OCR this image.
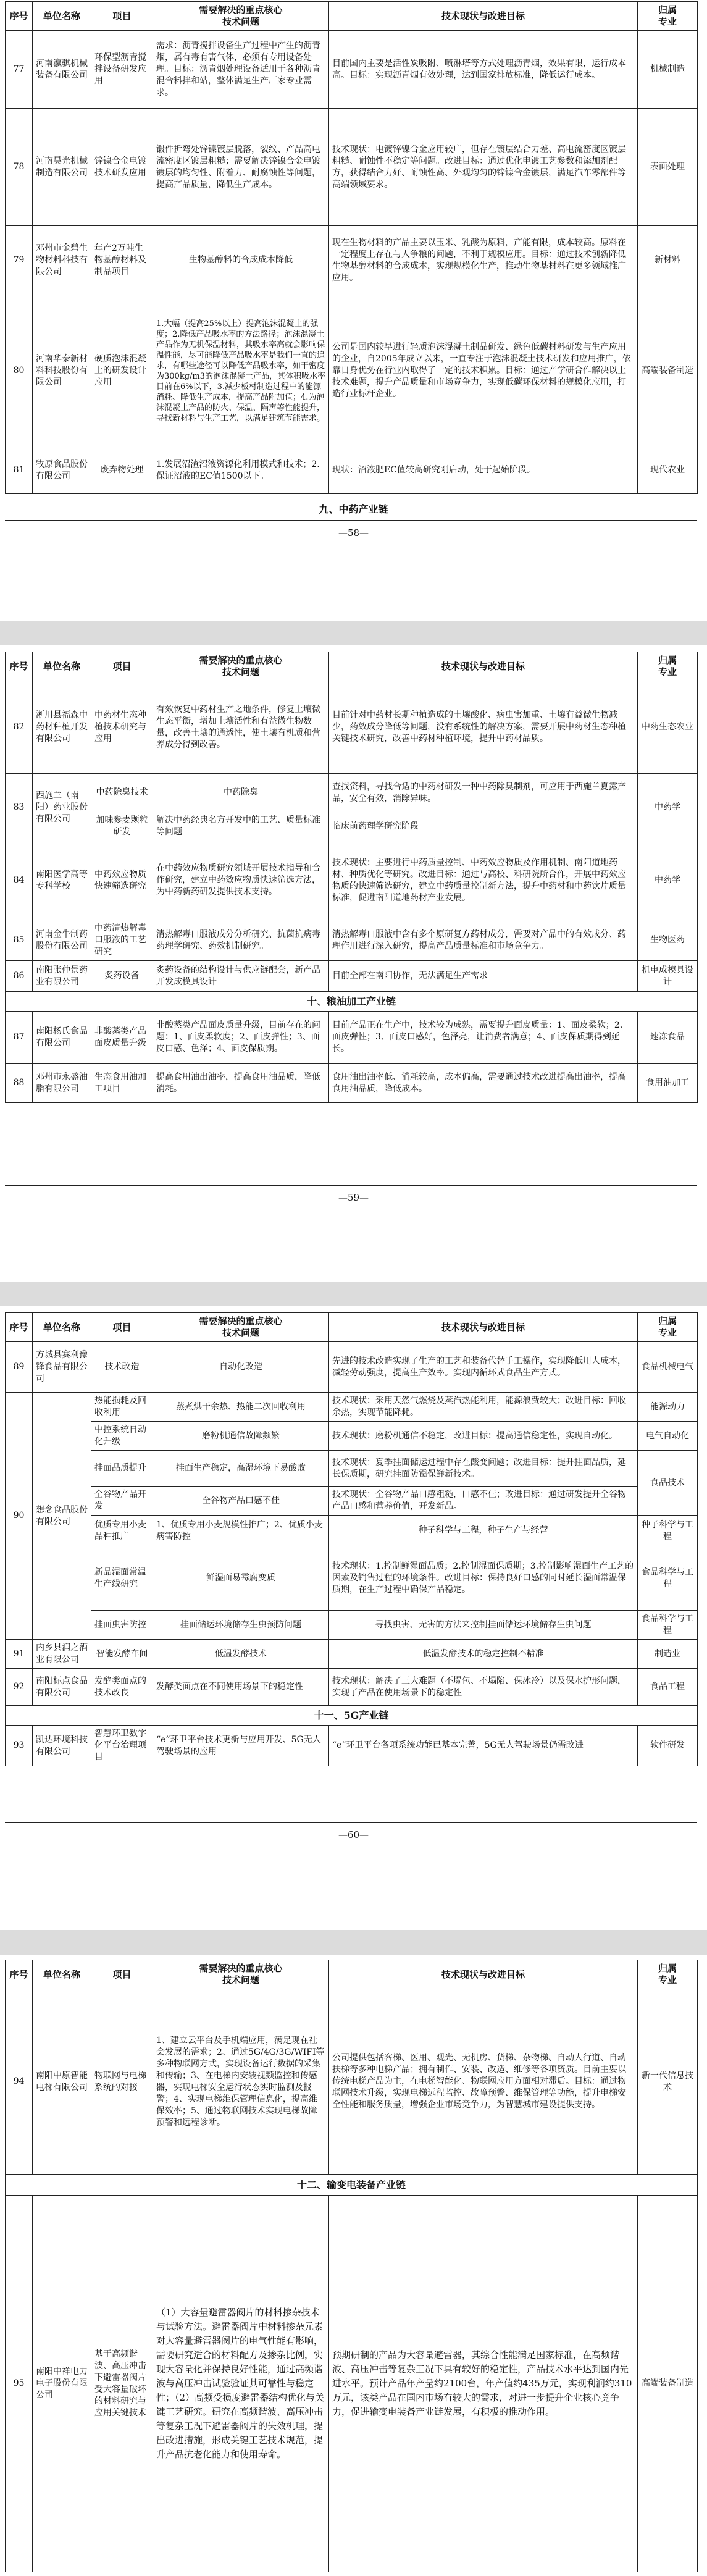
序号	单位名称	项目	需要解决的重点核心
技术问题	技术现状与改进目标	归属
专业
77	河南瀛骐机械装备有限公司	环保型沥青搅拌设备研发应用	需求：沥青搅拌设备生产过程中产生的沥青烟，属有毒有害气体，必须有专用设备处理。目标：沥青烟处理设备适用于各种沥青混合料拌和站，整体满足生产厂家专业需求。	目前国内主要是活性炭吸附、喷淋塔等方式处理沥青烟，效果有限，运行成本高。目标：实现沥青烟有效处理，达到国家排放标准，降低运行成本。	机械制造
78	河南昊光机械制造有限公司	锌镍合金电镀技术研发应用	锻件折弯处锌镍镀层脱落，裂纹、产品高电流密度区镀层粗糙；需要解决锌镍合金电镀镀层的均匀性、附着力、耐腐蚀性等问题，提高产品质量，降低生产成本。	技术现状：电镀锌镍合金应用较广，但存在镀层结合力差、高电流密度区镀层粗糙、耐蚀性不稳定等问题。改进目标：通过优化电镀工艺参数和添加剂配方，获得结合力好、耐蚀性高、外观均匀的锌镍合金镀层，满足汽车零部件等高端领域要求。	表面处理
79	邓州市金碧生物材料科技有限公司	年产2万吨生物基醇材料及制品项目	生物基醇料的合成成本降低	现在生物材料的产品主要以玉米、乳酸为原料，产能有限，成本较高。原料在一定程度上存在与人争粮的问题，不利于规模应用。目标：通过技术创新降低生物基醇材料的合成成本，实现规模化生产，推动生物基材料在更多领域推广应用。	新材料
80	河南华泰新材料科技股份有限公司	硬质泡沫混凝土的研发设计应用	1.大幅（提高25%以上）提高泡沫混凝土的强度；2.降低产品吸水率的方法路径；泡沫混凝土产品作为无机保温材料，其吸水率高就会影响保温性能，尽可能降低产品吸水率是我们一直的追求，有哪些途径可以降低产品吸水率，如干密度为300kg/m3的泡沫混凝土产品，其体积吸水率目前在6%以下，3.减少板材制造过程中的能源消耗、降低生产成本，提高产品附加值；4.为泡沫混凝土产品的防火、保温、隔声等性能提升，寻找新材料与生产工艺，以满足建筑节能需求。	公司是国内较早进行轻质泡沫混凝土制品研发、绿色低碳材料研发与生产应用的企业，自2005年成立以来，一直专注于泡沫混凝土技术研发和应用推广，依靠自身优势在行业内取得了一定的技术积累。目标：通过产学研合作解决以上技术难题，提升产品质量和市场竞争力，实现低碳环保材料的规模化应用，打造行业标杆企业。	高端装备制造
81	牧原食品股份有限公司	废弃物处理	1.发展沼渣沼液资源化利用模式和技术；2.保证沼液的EC值1500以下。	现状：沼液肥EC值较高研究刚启动，处于起始阶段。	现代农业
九、中药产业链
—58—
序号	单位名称	项目	需要解决的重点核心
技术问题	技术现状与改进目标	归属
专业
82	淅川县福森中药材种植开发有限公司	中药材生态种植技术研究与应用	有效恢复中药材生产之地条件，修复土壤微生态平衡，增加土壤活性和有益微生物数量，改善土壤的通透性，使土壤有机质和营养成分得到改善。	目前针对中药材长期种植造成的土壤酸化、病虫害加重、土壤有益微生物减少，药效成分降低等问题，没有系统性的解决方案，需要开展中药材生态种植关键技术研究，改善中药材种植环境，提升中药材品质。	中药生态农业
83	西施兰（南阳）药业股份有限公司	中药除臭技术	中药除臭	查找资料，寻找合适的中药材研发一种中药除臭制剂，可应用于西施兰夏露产品，安全有效，消除异味。	中药学
		加味参麦颗粒研发	解决中药经典名方开发中的工艺、质量标准等问题	临床前药理学研究阶段	
84	南阳医学高等专科学校	中药效应物质快速筛选研究	在中药效应物质研究领域开展技术指导和合作研究，建立中药效应物质快速筛选方法，为中药新药研发提供技术支持。	技术现状：主要进行中药质量控制、中药效应物质及作用机制、南阳道地药材、种质优化等研究。改进目标：通过与高校、科研院所合作，开展中药效应物质的快速筛选研究，建立中药质量控制新方法，提升中药材和中药饮片质量标准，促进南阳道地药材产业发展。	中药学
85	河南金牛制药股份有限公司	中药清热解毒口服液的工艺研究	清热解毒口服液成分分析研究、抗菌抗病毒药理学研究、药效机制研究。	清热解毒口服液中含有多个原研复方药材成分，需要对产品中的有效成分、药理作用进行深入研究，提高产品质量标准和市场竞争力。	生物医药
86	南阳张仲景药业有限公司	炙药设备	炙药设备的结构设计与供应链配套，新产品开发成模具设计	目前全部在南阳协作，无法满足生产需求	机电成模具设计
十、粮油加工产业链					
87	南阳杨氏食品有限公司	非酸蒸类产品面皮质量升级	非酸蒸类产品面皮质量升级，目前存在的问题：1、面皮柔软度；2、面皮弹性；3、面皮口感、色泽；4、面皮保质期。	目前产品正在生产中，技术较为成熟，需要提升面皮质量：1、面皮柔软；2、面皮弹性；3、面皮口感好，色泽亮，让消费者满意；4、面皮保质期得到延长。	速冻食品
88	邓州市永盛油脂有限公司	生态食用油加工项目	提高食用油出油率，提高食用油品质，降低消耗。	食用油出油率低、消耗较高，成本偏高，需要通过技术改进提高出油率，提高食用油品质，降低成本。	食用油加工
—59—
序号	单位名称	项目	需要解决的重点核心
技术问题	技术现状与改进目标	归属
专业
89	方城县赛利豫锋食品有限公司	技术改造	自动化改造	先进的技术改造实现了生产的工艺和装备代替手工操作，实现降低用人成本，减轻劳动强度，提高生产效率。实现内循环式食品生产方式。	食品机械电气
90	想念食品股份有限公司	热能损耗及回收利用	蒸煮烘干余热、热能二次回收利用	技术现状：采用天然气燃烧及蒸汽热能利用，能源浪费较大；改进目标：回收余热，实现节能降耗。	能源动力
		中控系统自动化升级	磨粉机通信故障频繁	技术现状：磨粉机通信不稳定，改进目标：提高通信稳定性，实现自动化。	电气自动化
		挂面品质提升	挂面生产稳定，高湿环境下易酸败	技术现状：夏季挂面储运过程中存在酸变问题；改进目标：提升挂面品质，延长保质期，研究挂面防霉保鲜新技术。	食品技术
		全谷物产品开发	全谷物产品口感不佳	技术现状：全谷物产品口感粗糙，口感不佳；改进目标：通过研发提升全谷物产品口感和营养价值，开发新品。	
		优质专用小麦品种推广	1、优质专用小麦规模性推广；2、优质小麦病害防控	种子科学与工程，种子生产与经营	种子科学与工程
		新品湿面常温生产线研究	鲜湿面易霉腐变质	技术现状：1.控制鲜湿面品质；2.控制湿面保质期；3.控制影响湿面生产工艺的因素及销售过程的环境条件。改进目标：保持良好口感的同时延长湿面常温保质期，在生产过程中确保产品稳定。	食品科学与工程
		挂面虫害防控	挂面储运环境储存生虫预防问题	寻找虫害、无害的方法来控制挂面储运环境储存生虫问题	食品科学与工程
91	内乡县润之酒业有限公司	智能发酵车间	低温发酵技术	低温发酵技术的稳定控制不精准	制造业
92	南阳标点食品有限公司	发酵类面点的技术改良	发酵类面点在不同使用场景下的稳定性	技术现状：解决了三大难题（不塌包、不塌陷、保冰冷）以及保水护形问题，实现了产品在使用场景下的稳定性	食品工程
十一、5G产业链					
93	凯达环境科技有限公司	智慧环卫数字化平台治理项目	“e”环卫平台技术更新与应用开发、5G无人驾驶场景的应用	“e”环卫平台各项系统功能已基本完善，5G无人驾驶场景仍需改进	软件研发
—60—
序号	单位名称	项目	需要解决的重点核心
技术问题	技术现状与改进目标	归属
专业
94	南阳中原智能电梯有限公司	物联网与电梯系统的对接	1、建立云平台及手机端应用，满足现在社会发展的需求；2、通过5G/4G/3G/WIFI等多种物联网方式，实现设备运行数据的采集和传输；3、在电梯内安装视频监控和传感器，实现电梯安全运行状态实时监测及报警；4、实现电梯维保管理信息化，提高维保效率；5、通过物联网技术实现电梯故障预警和远程诊断。	公司提供包括客梯、医用、观光、无机房、货梯、杂物梯、自动人行道、自动扶梯等多种电梯产品；拥有制作、安装、改造、维修等各项资质。目前主要以传统电梯产品为主，在电梯智能化、物联网应用方面相对滞后。目标：通过物联网技术升级，实现电梯远程监控、故障预警、维保管理等功能，提升电梯安全性能和服务质量，增强企业市场竞争力，为智慧城市建设提供支持。	新一代信息技术
十二、输变电装备产业链					
95	南阳中祥电力电子股份有限公司	基于高频谐波、高压冲击下避雷器阀片受大容量破坏的材料研究与应用关键技术	（1）大容量避雷器阀片的材料掺杂技术与试验方法。避雷器阀片中材料掺杂元素对大容量避雷器阀片的电气性能有影响，需要研究适合的材料配方及掺杂比例，实现大容量化并保持良好性能，通过高频谐波与高压冲击试验验证其可靠性与稳定性；（2）高频受损度避雷器结构优化与关键工艺研究。研究在高频谐波、高压冲击等复杂工况下避雷器阀片的失效机理，提出改进措施，形成关键工艺技术规范，提升产品抗老化能力和使用寿命。	预期研制的产品为大容量避雷器，其综合性能满足国家标准，在高频谐波、高压冲击等复杂工况下具有较好的稳定性，产品技术水平达到国内先进水平。预计产品年产量约2100台，年产值约435万元，实现利润约310万元，该类产品在国内市场有较大的需求，对进一步提升企业核心竞争力，促进输变电装备产业链发展，有积极的推动作用。	高端装备制造
